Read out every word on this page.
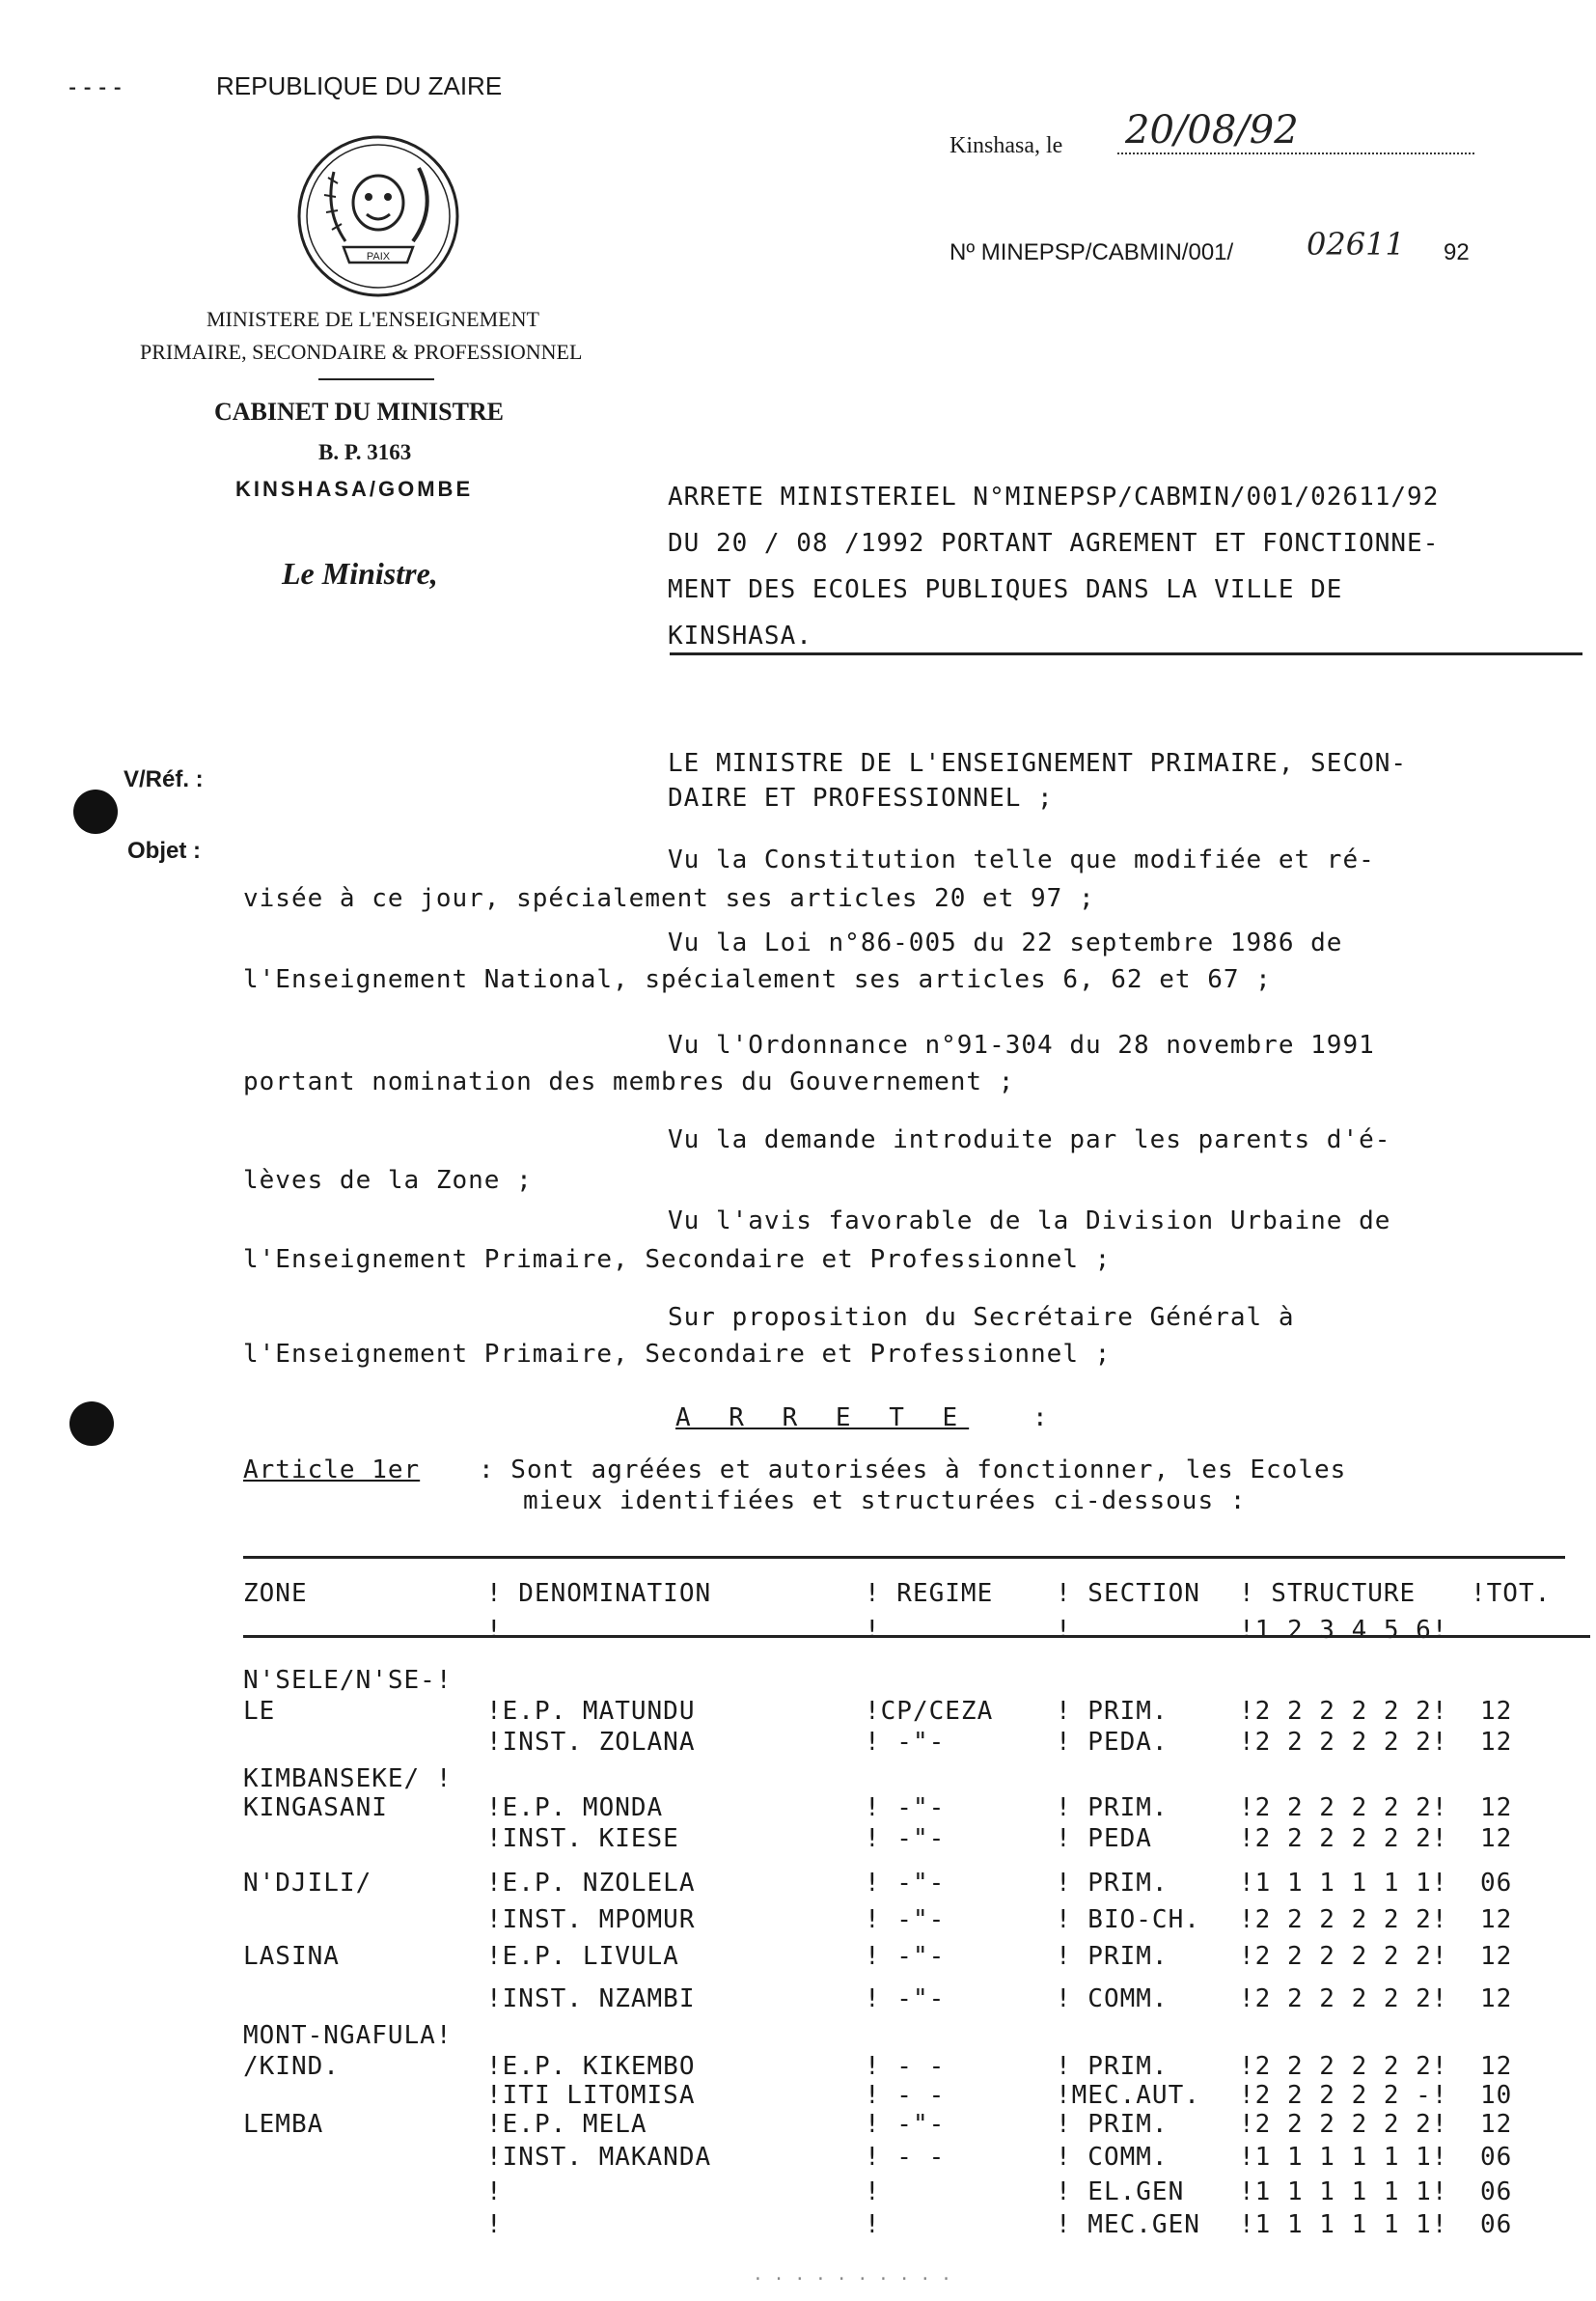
⁃ ⁃ ⁃ ⁃	REPUBLIQUE DU ZAIRE
PAIX
MINISTERE DE L'ENSEIGNEMENT
PRIMAIRE, SECONDAIRE & PROFESSIONNEL
CABINET DU MINISTRE
B. P. 3163
KINSHASA/GOMBE
Le Ministre,
Kinshasa, le 20/08/92
Nº MINEPSP/CABMIN/001/ 02611 92
V/Réf. :
Objet :
ARRETE MINISTERIEL N°MINEPSP/CABMIN/001/02611/92
DU 20 / 08 /1992 PORTANT AGREMENT ET FONCTIONNE-
MENT DES ECOLES PUBLIQUES DANS LA VILLE DE
KINSHASA.
LE MINISTRE DE L'ENSEIGNEMENT PRIMAIRE, SECON-
DAIRE ET PROFESSIONNEL ;
Vu la Constitution telle que modifiée et ré-
visée à ce jour, spécialement ses articles 20 et 97 ;
Vu la Loi n°86-005 du 22 septembre 1986 de
l'Enseignement National, spécialement ses articles 6, 62 et 67 ;
Vu l'Ordonnance n°91-304 du 28 novembre 1991
portant nomination des membres du Gouvernement ;
Vu la demande introduite par les parents d'é-
lèves de la Zone ;
Vu l'avis favorable de la Division Urbaine de
l'Enseignement Primaire, Secondaire et Professionnel ;
Sur proposition du Secrétaire Général à
l'Enseignement Primaire, Secondaire et Professionnel ;
A R R E T E	:
Article 1er : Sont agréées et autorisées à fonctionner, les Ecoles
mieux identifiées et structurées ci-dessous :
ZONE	! DENOMINATION	! REGIME ! SECTION ! STRUCTURE !TOT.
!	!	!	!1 2 3 4 5 6!
N'SELE/N'SE-!
LE	!E.P. MATUNDU	!CP/CEZA ! PRIM.	!2 2 2 2 2 2! 12
!INST. ZOLANA	! -"-	! PEDA.	!2 2 2 2 2 2! 12
KIMBANSEKE/ !
KINGASANI	!E.P. MONDA	! -"-	! PRIM.	!2 2 2 2 2 2! 12
!INST. KIESE	! -"-	! PEDA	!2 2 2 2 2 2! 12
N'DJILI/	!E.P. NZOLELA	! -"-	! PRIM.	!1 1 1 1 1 1! 06
!INST. MPOMUR	! -"-	! BIO-CH. !2 2 2 2 2 2! 12
LASINA	!E.P. LIVULA	! -"-	! PRIM.	!2 2 2 2 2 2! 12
!INST. NZAMBI	! -"-	! COMM.	!2 2 2 2 2 2! 12
MONT-NGAFULA!
/KIND.	!E.P. KIKEMBO	! - -	! PRIM.	!2 2 2 2 2 2! 12
!ITI LITOMISA	! - -	!MEC.AUT. !2 2 2 2 2 -! 10
LEMBA	!E.P. MELA	! -"-	! PRIM.	!2 2 2 2 2 2! 12
!INST. MAKANDA	! - -	! COMM.	!1 1 1 1 1 1! 06
!	!	! EL.GEN !1 1 1 1 1 1! 06
!	!	! MEC.GEN !1 1 1 1 1 1! 06
. . . . . . . . . .
